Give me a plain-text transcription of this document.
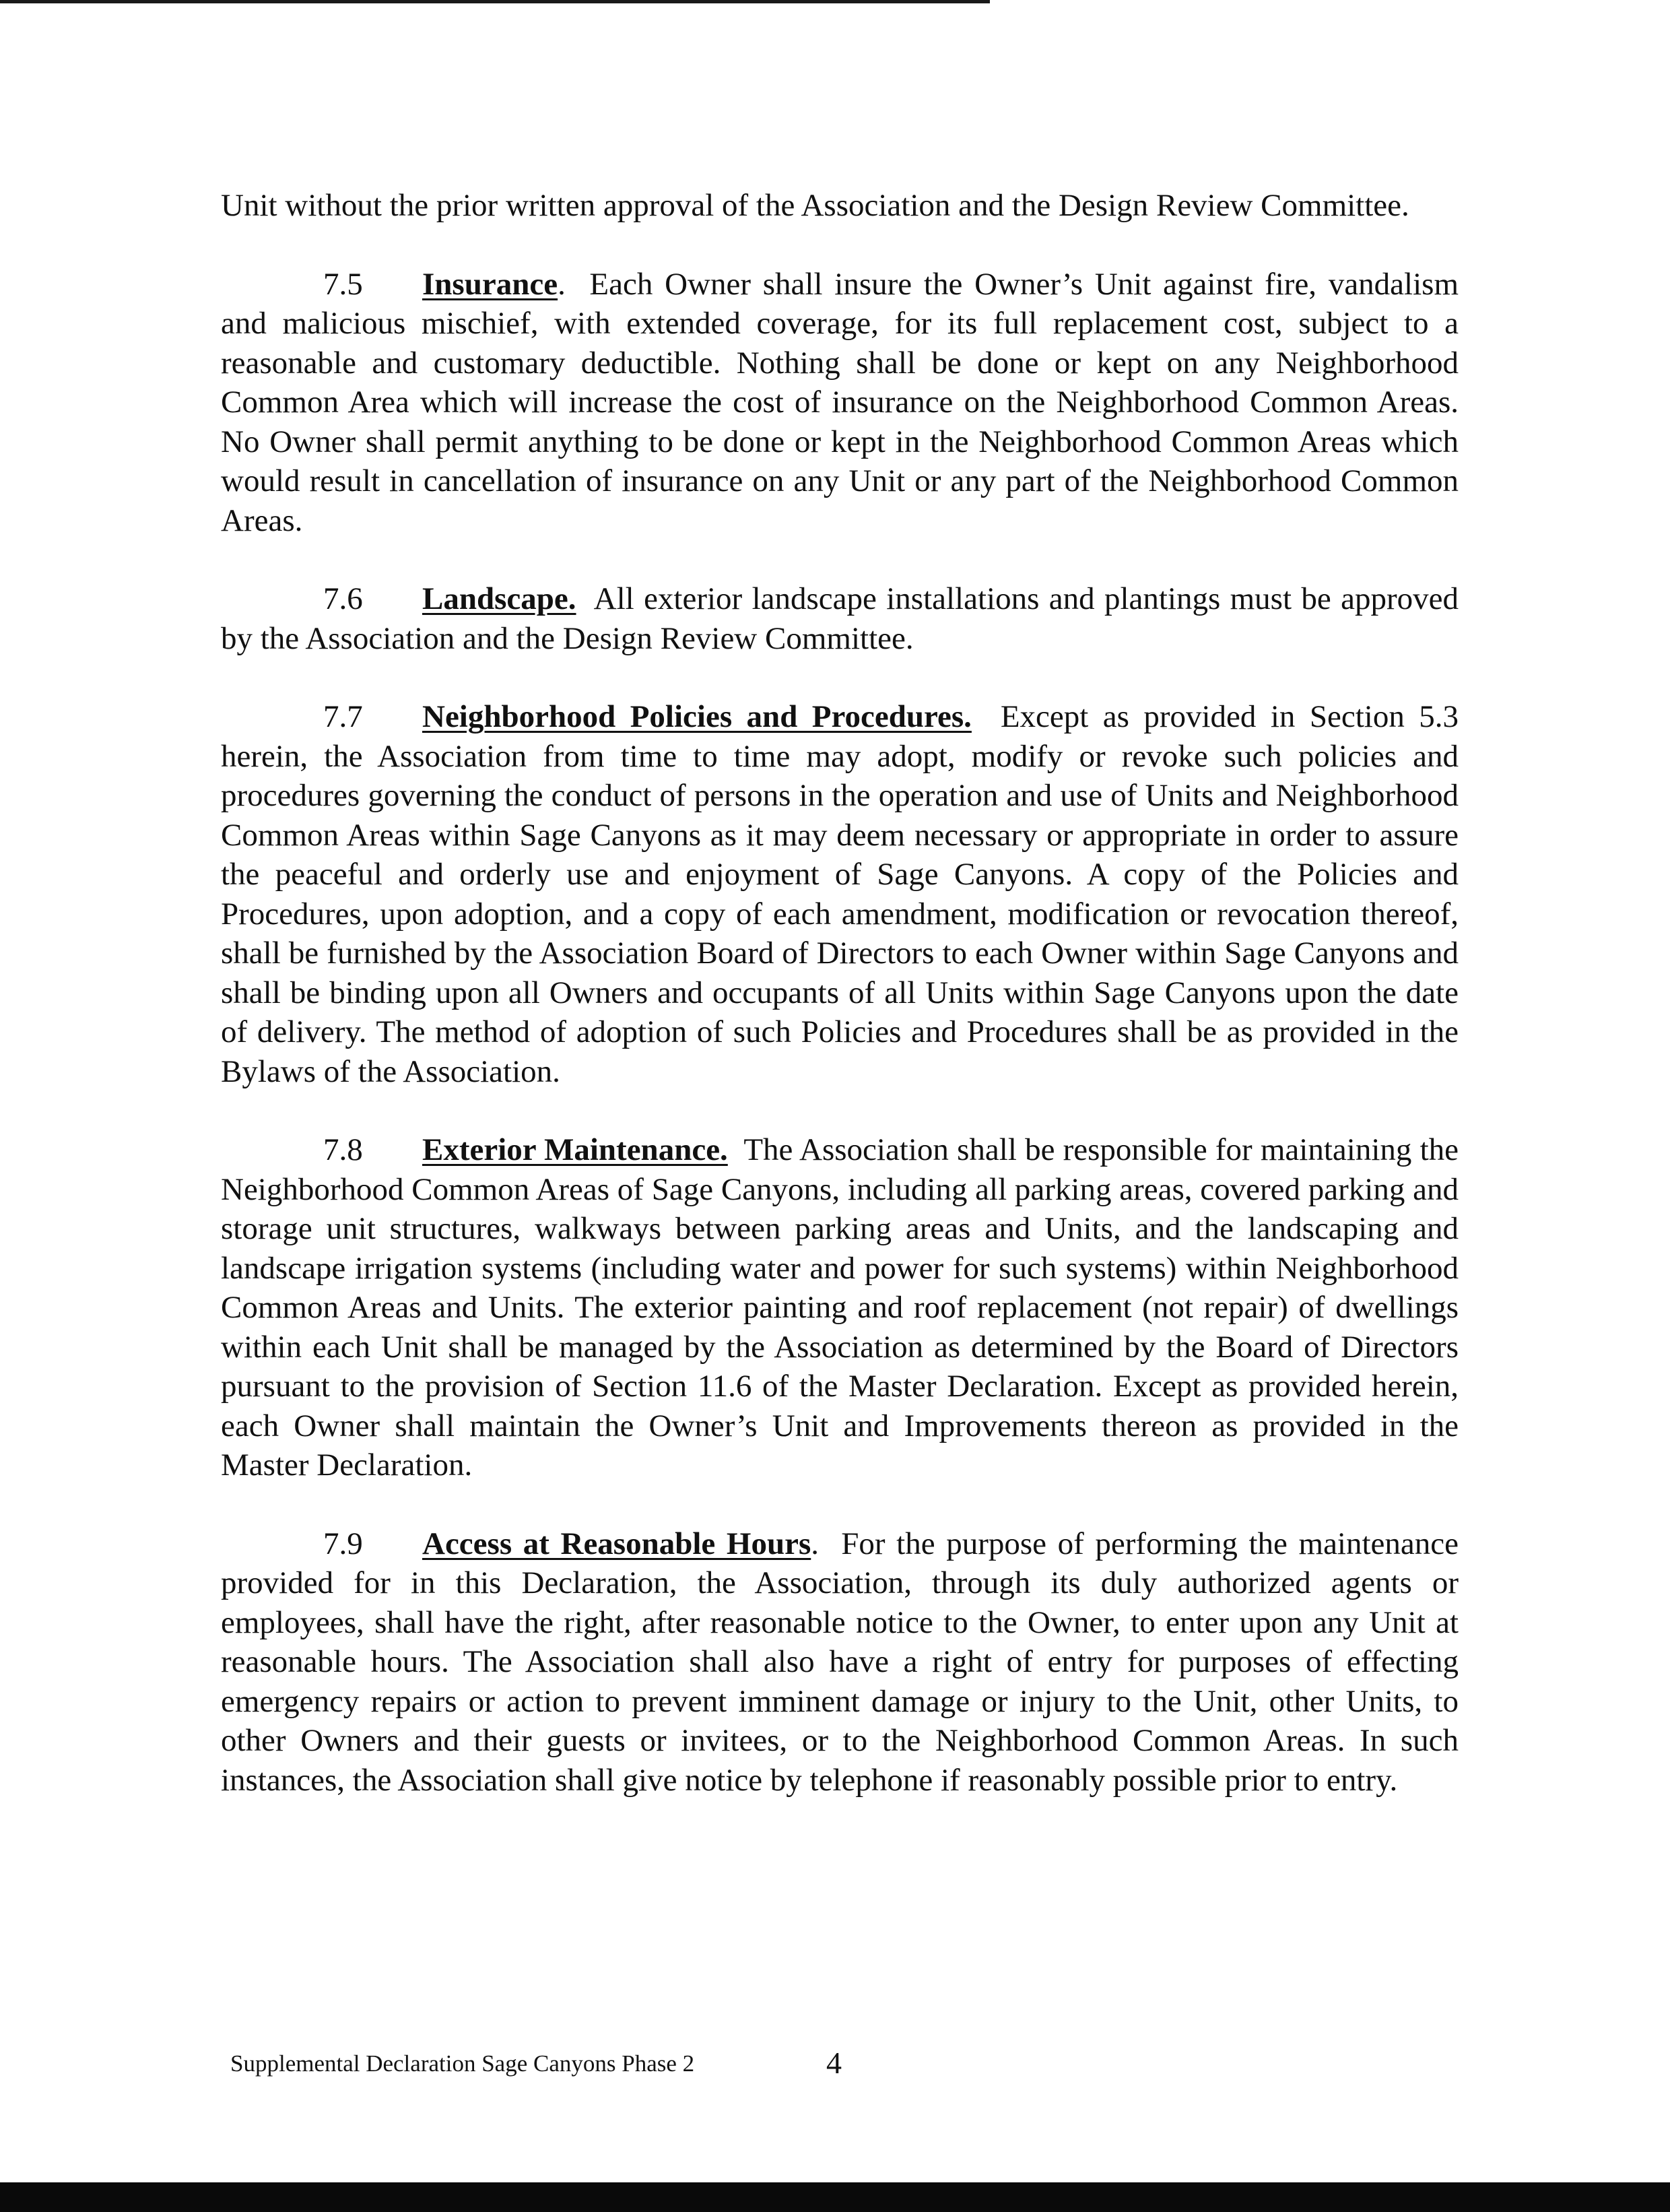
Unit without the prior written approval of the Association and the Design Review Committee.

7.5 Insurance. Each Owner shall insure the Owner’s Unit against fire, vandalism and malicious mischief, with extended coverage, for its full replacement cost, subject to a reasonable and customary deductible. Nothing shall be done or kept on any Neighborhood Common Area which will increase the cost of insurance on the Neighborhood Common Areas. No Owner shall permit anything to be done or kept in the Neighborhood Common Areas which would result in cancellation of insurance on any Unit or any part of the Neighborhood Common Areas.

7.6 Landscape. All exterior landscape installations and plantings must be approved by the Association and the Design Review Committee.

7.7 Neighborhood Policies and Procedures. Except as provided in Section 5.3 herein, the Association from time to time may adopt, modify or revoke such policies and procedures governing the conduct of persons in the operation and use of Units and Neighborhood Common Areas within Sage Canyons as it may deem necessary or appropriate in order to assure the peaceful and orderly use and enjoyment of Sage Canyons. A copy of the Policies and Procedures, upon adoption, and a copy of each amendment, modification or revocation thereof, shall be furnished by the Association Board of Directors to each Owner within Sage Canyons and shall be binding upon all Owners and occupants of all Units within Sage Canyons upon the date of delivery. The method of adoption of such Policies and Procedures shall be as provided in the Bylaws of the Association.

7.8 Exterior Maintenance. The Association shall be responsible for maintaining the Neighborhood Common Areas of Sage Canyons, including all parking areas, covered parking and storage unit structures, walkways between parking areas and Units, and the landscaping and landscape irrigation systems (including water and power for such systems) within Neighborhood Common Areas and Units. The exterior painting and roof replacement (not repair) of dwellings within each Unit shall be managed by the Association as determined by the Board of Directors pursuant to the provision of Section 11.6 of the Master Declaration. Except as provided herein, each Owner shall maintain the Owner’s Unit and Improvements thereon as provided in the Master Declaration.

7.9 Access at Reasonable Hours. For the purpose of performing the maintenance provided for in this Declaration, the Association, through its duly authorized agents or employees, shall have the right, after reasonable notice to the Owner, to enter upon any Unit at reasonable hours. The Association shall also have a right of entry for purposes of effecting emergency repairs or action to prevent imminent damage or injury to the Unit, other Units, to other Owners and their guests or invitees, or to the Neighborhood Common Areas. In such instances, the Association shall give notice by telephone if reasonably possible prior to entry.

Supplemental Declaration Sage Canyons Phase 2	4
